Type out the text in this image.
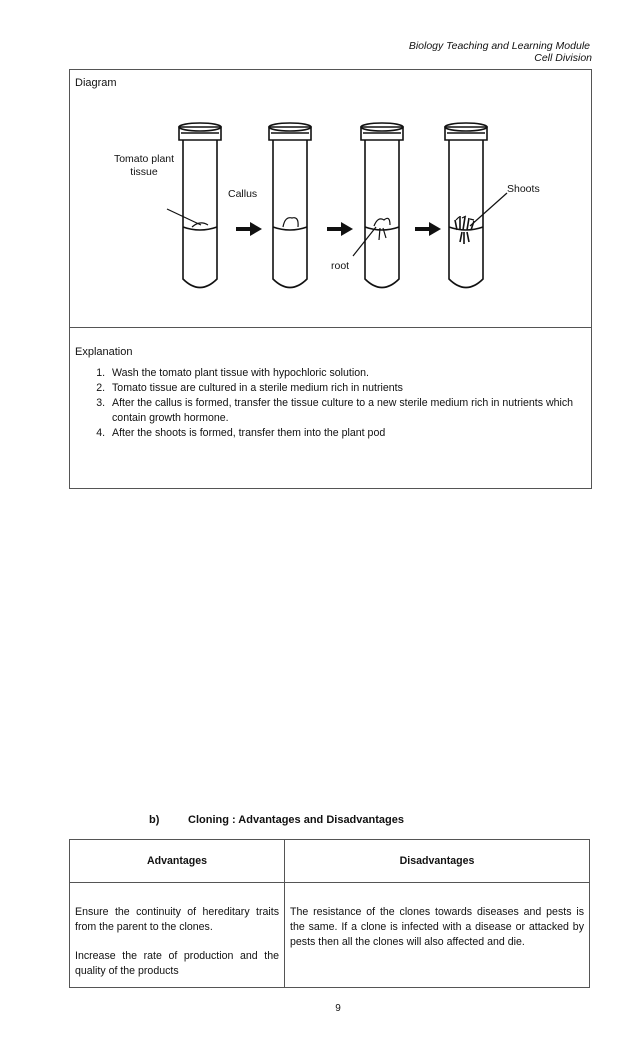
Biology Teaching and Learning Module
Cell Division
Diagram
Tomato plant
tissue
Callus	Shoots
root
Explanation
1. Wash the tomato plant tissue with hypochloric solution.
2. Tomato tissue are cultured in a sterile medium rich in nutrients
3. After the callus is formed, transfer the tissue culture to a new sterile medium rich in nutrients which contain growth hormone.
4. After the shoots is formed, transfer them into the plant pod
b)	Cloning : Advantages and Disadvantages
Advantages	Disadvantages

Ensure the continuity of hereditary traits from the parent to the clones.

Increase the rate of production and the quality of the products	The resistance of the clones towards diseases and pests is the same. If a clone is infected with a disease or attacked by pests then all the clones will also affected and die.

9
